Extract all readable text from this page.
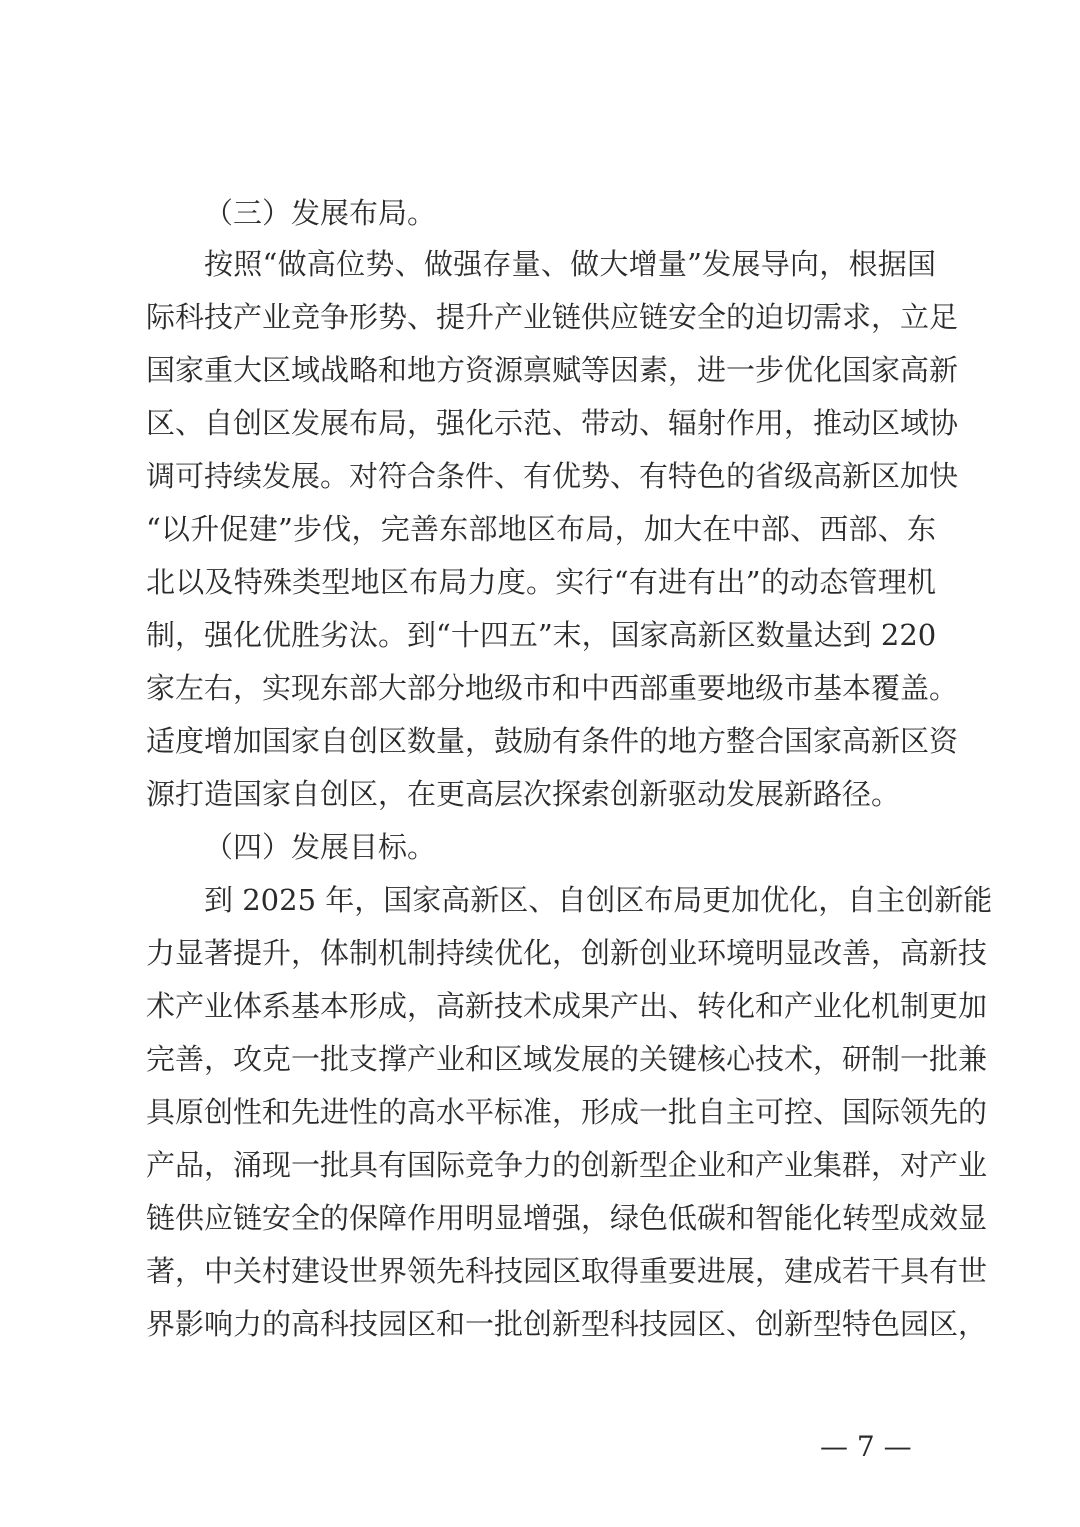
（三）发展布局。
按照“做高位势、做强存量、做大增量”发展导向，根据国
际科技产业竞争形势、提升产业链供应链安全的迫切需求，立足
国家重大区域战略和地方资源禀赋等因素，进一步优化国家高新
区、自创区发展布局，强化示范、带动、辐射作用，推动区域协
调可持续发展。对符合条件、有优势、有特色的省级高新区加快
“以升促建”步伐，完善东部地区布局，加大在中部、西部、东
北以及特殊类型地区布局力度。实行“有进有出”的动态管理机
制，强化优胜劣汰。到“十四五”末，国家高新区数量达到 220
家左右，实现东部大部分地级市和中西部重要地级市基本覆盖。
适度增加国家自创区数量，鼓励有条件的地方整合国家高新区资
源打造国家自创区，在更高层次探索创新驱动发展新路径。
（四）发展目标。
到 2025 年，国家高新区、自创区布局更加优化，自主创新能
力显著提升，体制机制持续优化，创新创业环境明显改善，高新技
术产业体系基本形成，高新技术成果产出、转化和产业化机制更加
完善，攻克一批支撑产业和区域发展的关键核心技术，研制一批兼
具原创性和先进性的高水平标准，形成一批自主可控、国际领先的
产品，涌现一批具有国际竞争力的创新型企业和产业集群，对产业
链供应链安全的保障作用明显增强，绿色低碳和智能化转型成效显
著，中关村建设世界领先科技园区取得重要进展，建成若干具有世
界影响力的高科技园区和一批创新型科技园区、创新型特色园区，
— 7 —
